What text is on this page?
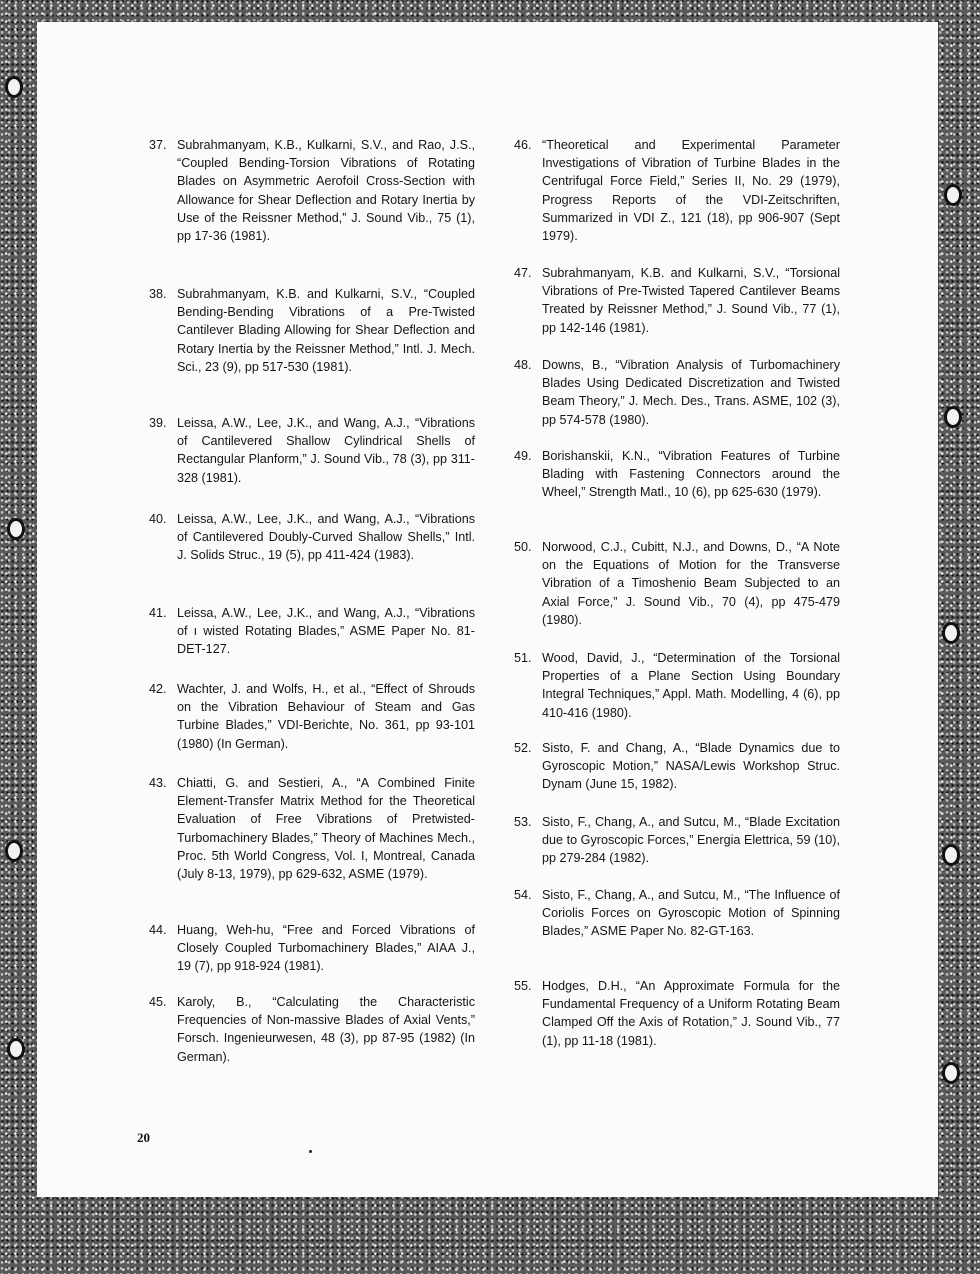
37. Subrahmanyam, K.B., Kulkarni, S.V., and Rao, J.S., “Coupled Bending-Torsion Vibrations of Rotating Blades on Asymmetric Aerofoil Cross-Section with Allowance for Shear Deflection and Rotary Inertia by Use of the Reissner Method,” J. Sound Vib., 75 (1), pp 17-36 (1981).
38. Subrahmanyam, K.B. and Kulkarni, S.V., “Coupled Bending-Bending Vibrations of a Pre-Twisted Cantilever Blading Allowing for Shear Deflection and Rotary Inertia by the Reissner Method,” Intl. J. Mech. Sci., 23 (9), pp 517-530 (1981).
39. Leissa, A.W., Lee, J.K., and Wang, A.J., “Vibrations of Cantilevered Shallow Cylindrical Shells of Rectangular Planform,” J. Sound Vib., 78 (3), pp 311-328 (1981).
40. Leissa, A.W., Lee, J.K., and Wang, A.J., “Vibrations of Cantilevered Doubly-Curved Shallow Shells,” Intl. J. Solids Struc., 19 (5), pp 411-424 (1983).
41. Leissa, A.W., Lee, J.K., and Wang, A.J., “Vibrations of ı wisted Rotating Blades,” ASME Paper No. 81-DET-127.
42. Wachter, J. and Wolfs, H., et al., “Effect of Shrouds on the Vibration Behaviour of Steam and Gas Turbine Blades,” VDI-Berichte, No. 361, pp 93-101 (1980) (In German).
43. Chiatti, G. and Sestieri, A., “A Combined Finite Element-Transfer Matrix Method for the Theoretical Evaluation of Free Vibrations of Pretwisted-Turbomachinery Blades,” Theory of Machines Mech., Proc. 5th World Congress, Vol. I, Montreal, Canada (July 8-13, 1979), pp 629-632, ASME (1979).
44. Huang, Weh-hu, “Free and Forced Vibrations of Closely Coupled Turbomachinery Blades,” AIAA J., 19 (7), pp 918-924 (1981).
45. Karoly, B., “Calculating the Characteristic Frequencies of Non-massive Blades of Axial Vents,” Forsch. Ingenieurwesen, 48 (3), pp 87-95 (1982) (In German).
46. “Theoretical and Experimental Parameter Investigations of Vibration of Turbine Blades in the Centrifugal Force Field,” Series II, No. 29 (1979), Progress Reports of the VDI-Zeitschriften, Summarized in VDI Z., 121 (18), pp 906-907 (Sept 1979).
47. Subrahmanyam, K.B. and Kulkarni, S.V., “Torsional Vibrations of Pre-Twisted Tapered Cantilever Beams Treated by Reissner Method,” J. Sound Vib., 77 (1), pp 142-146 (1981).
48. Downs, B., “Vibration Analysis of Turbomachinery Blades Using Dedicated Discretization and Twisted Beam Theory,” J. Mech. Des., Trans. ASME, 102 (3), pp 574-578 (1980).
49. Borishanskii, K.N., “Vibration Features of Turbine Blading with Fastening Connectors around the Wheel,” Strength Matl., 10 (6), pp 625-630 (1979).
50. Norwood, C.J., Cubitt, N.J., and Downs, D., “A Note on the Equations of Motion for the Transverse Vibration of a Timoshenio Beam Subjected to an Axial Force,” J. Sound Vib., 70 (4), pp 475-479 (1980).
51. Wood, David, J., “Determination of the Torsional Properties of a Plane Section Using Boundary Integral Techniques,” Appl. Math. Modelling, 4 (6), pp 410-416 (1980).
52. Sisto, F. and Chang, A., “Blade Dynamics due to Gyroscopic Motion,” NASA/Lewis Workshop Struc. Dynam (June 15, 1982).
53. Sisto, F., Chang, A., and Sutcu, M., “Blade Excitation due to Gyroscopic Forces,” Energia Elettrica, 59 (10), pp 279-284 (1982).
54. Sisto, F., Chang, A., and Sutcu, M., “The Influence of Coriolis Forces on Gyroscopic Motion of Spinning Blades,” ASME Paper No. 82-GT-163.
55. Hodges, D.H., “An Approximate Formula for the Fundamental Frequency of a Uniform Rotating Beam Clamped Off the Axis of Rotation,” J. Sound Vib., 77 (1), pp 11-18 (1981).
20
